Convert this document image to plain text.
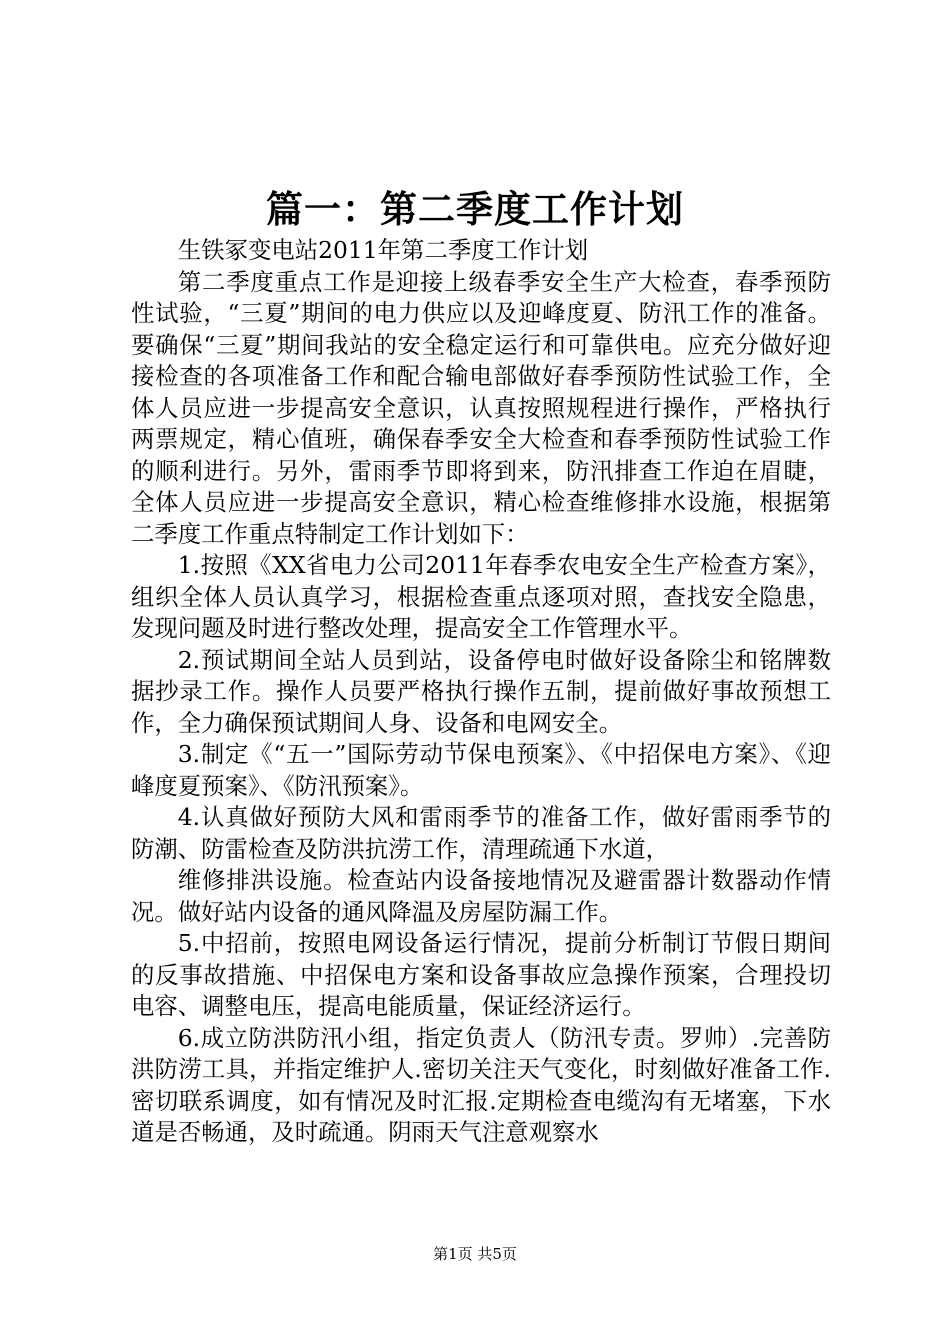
篇一：第二季度工作计划

生铁冢变电站2011年第二季度工作计划

第二季度重点工作是迎接上级春季安全生产大检查，春季预防性试验，“三夏”期间的电力供应以及迎峰度夏、防汛工作的准备。要确保“三夏”期间我站的安全稳定运行和可靠供电。应充分做好迎接检查的各项准备工作和配合输电部做好春季预防性试验工作，全体人员应进一步提高安全意识，认真按照规程进行操作，严格执行两票规定，精心值班，确保春季安全大检查和春季预防性试验工作的顺利进行。另外，雷雨季节即将到来，防汛排查工作迫在眉睫，全体人员应进一步提高安全意识，精心检查维修排水设施，根据第二季度工作重点特制定工作计划如下：

1.按照《XX省电力公司2011年春季农电安全生产检查方案》，组织全体人员认真学习，根据检查重点逐项对照，查找安全隐患，发现问题及时进行整改处理，提高安全工作管理水平。

2.预试期间全站人员到站，设备停电时做好设备除尘和铭牌数据抄录工作。操作人员要严格执行操作五制，提前做好事故预想工作，全力确保预试期间人身、设备和电网安全。

3.制定《“五一”国际劳动节保电预案》、《中招保电方案》、《迎峰度夏预案》、《防汛预案》。

4.认真做好预防大风和雷雨季节的准备工作，做好雷雨季节的防潮、防雷检查及防洪抗涝工作，清理疏通下水道，

维修排洪设施。检查站内设备接地情况及避雷器计数器动作情况。做好站内设备的通风降温及房屋防漏工作。

5.中招前，按照电网设备运行情况，提前分析制订节假日期间的反事故措施、中招保电方案和设备事故应急操作预案，合理投切电容、调整电压，提高电能质量，保证经济运行。

6.成立防洪防汛小组，指定负责人（防汛专责。罗帅）.完善防洪防涝工具，并指定维护人.密切关注天气变化，时刻做好准备工作.密切联系调度，如有情况及时汇报.定期检查电缆沟有无堵塞，下水道是否畅通，及时疏通。阴雨天气注意观察水

第1页 共5页
